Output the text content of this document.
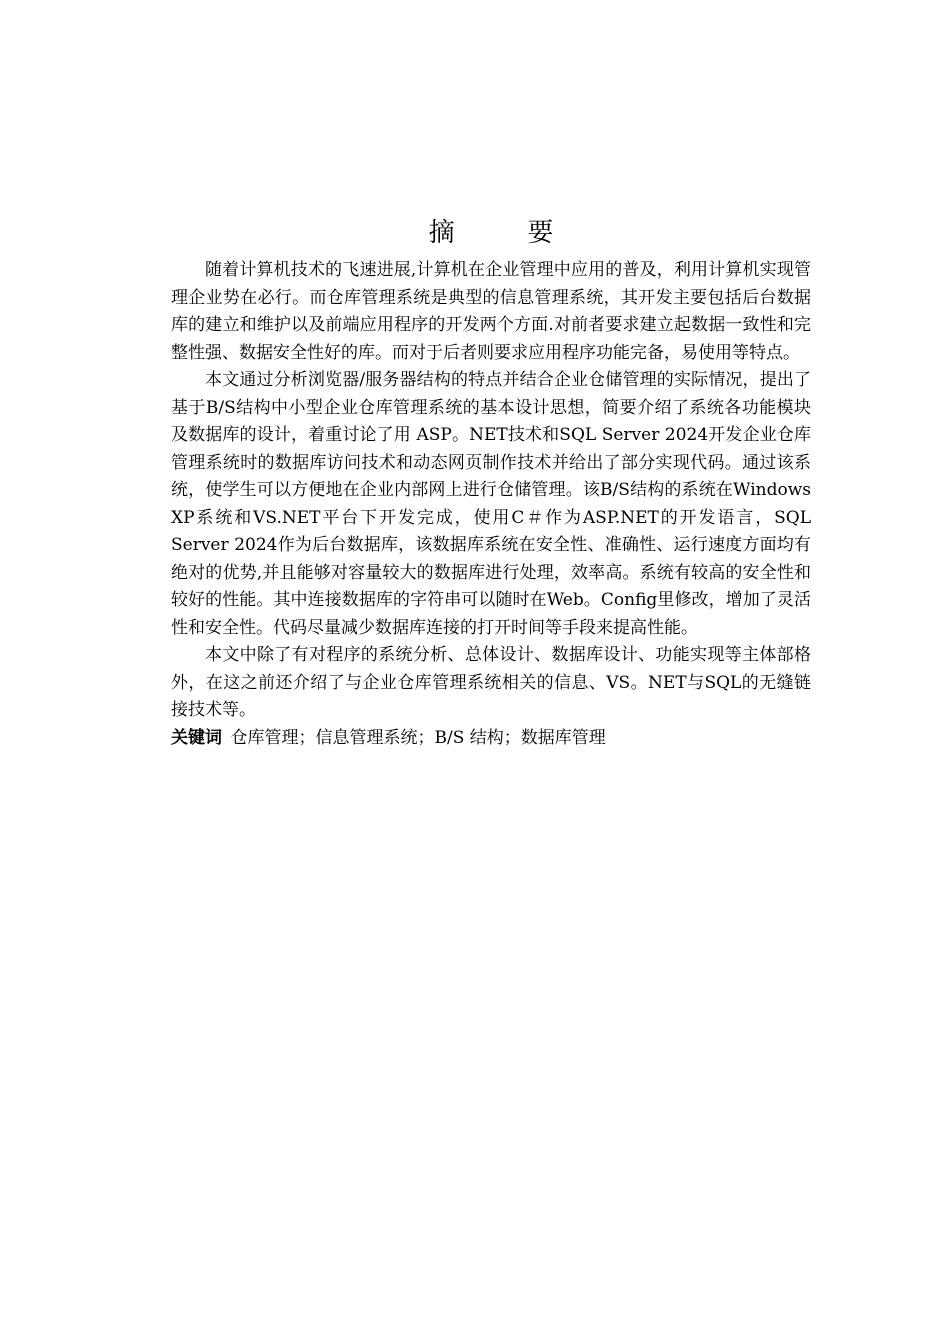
摘　要

随着计算机技术的飞速进展,计算机在企业管理中应用的普及，利用计算机实现管理企业势在必行。而仓库管理系统是典型的信息管理系统，其开发主要包括后台数据库的建立和维护以及前端应用程序的开发两个方面.对前者要求建立起数据一致性和完整性强、数据安全性好的库。而对于后者则要求应用程序功能完备，易使用等特点。

本文通过分析浏览器/服务器结构的特点并结合企业仓储管理的实际情况，提出了基于B/S结构中小型企业仓库管理系统的基本设计思想，简要介绍了系统各功能模块及数据库的设计，着重讨论了用 ASP。NET技术和SQL Server 2024开发企业仓库管理系统时的数据库访问技术和动态网页制作技术并给出了部分实现代码。通过该系统，使学生可以方便地在企业内部网上进行仓储管理。该B/S结构的系统在Windows XP系统和VS.NET平台下开发完成，使用C＃作为ASP.NET的开发语言，SQL Server 2024作为后台数据库，该数据库系统在安全性、准确性、运行速度方面均有绝对的优势,并且能够对容量较大的数据库进行处理，效率高。系统有较高的安全性和较好的性能。其中连接数据库的字符串可以随时在Web。Config里修改，增加了灵活性和安全性。代码尽量减少数据库连接的打开时间等手段来提高性能。

本文中除了有对程序的系统分析、总体设计、数据库设计、功能实现等主体部格外，在这之前还介绍了与企业仓库管理系统相关的信息、VS。NET与SQL的无缝链接技术等。

关键词 仓库管理；信息管理系统；B/S 结构；数据库管理
